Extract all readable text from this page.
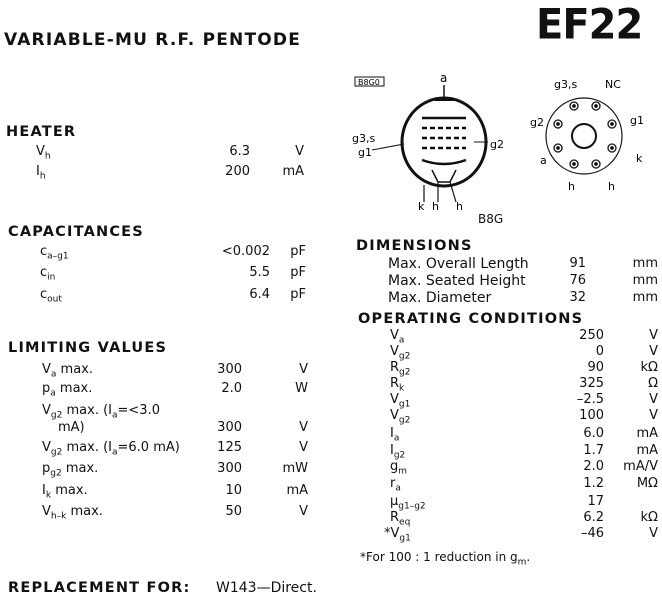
VARIABLE-MU R.F. PENTODE	EF22
HEATER
CAPACITANCES
LIMITING VALUES
REPLACEMENT FOR: W143—Direct.
B8G0	a
g3,s
g1
g2
k h h
g3,s	NC
g2	g1
a	k
h	h
B8G
DIMENSIONS
OPERATING CONDITIONS
*For 100 : 1 reduction in $g_m$.
$V_h$	6.3	V
$I_h$	200	mA
$c_{a-g1}$	<0.002	pF
$c_{in}$	5.5	pF
$c_{out}$	6.4	pF
$V_a$ max.	300	V
$p_a$ max.	2.0	W
$V_{g2}$ max. ($I_a=<3.0$
mA)	300	V
$V_{g2}$ max. ($I_a=6.0$ mA)	125	V
$p_{g2}$ max.	300	mW
$I_k$ max.	10	mA
$V_{h-k}$ max.	50	V
Max. Overall Length	91	mm
Max. Seated Height	76	mm
Max. Diameter	32	mm
$V_a$	250	V
$V_{g2}$	0	V
$R_{g2}$	90	kΩ
$R_k$	325	Ω
$V_{g1}$	–2.5	V
$V_{g2}$	100	V
$I_a$	6.0	mA
$I_{g2}$	1.7	mA
$g_m$	2.0	mA/V
$r_a$	1.2	MΩ
$\mu_{g1-g2}$	17
$R_{eq}$	6.2	kΩ
$*V_{g1}$	–46	V
